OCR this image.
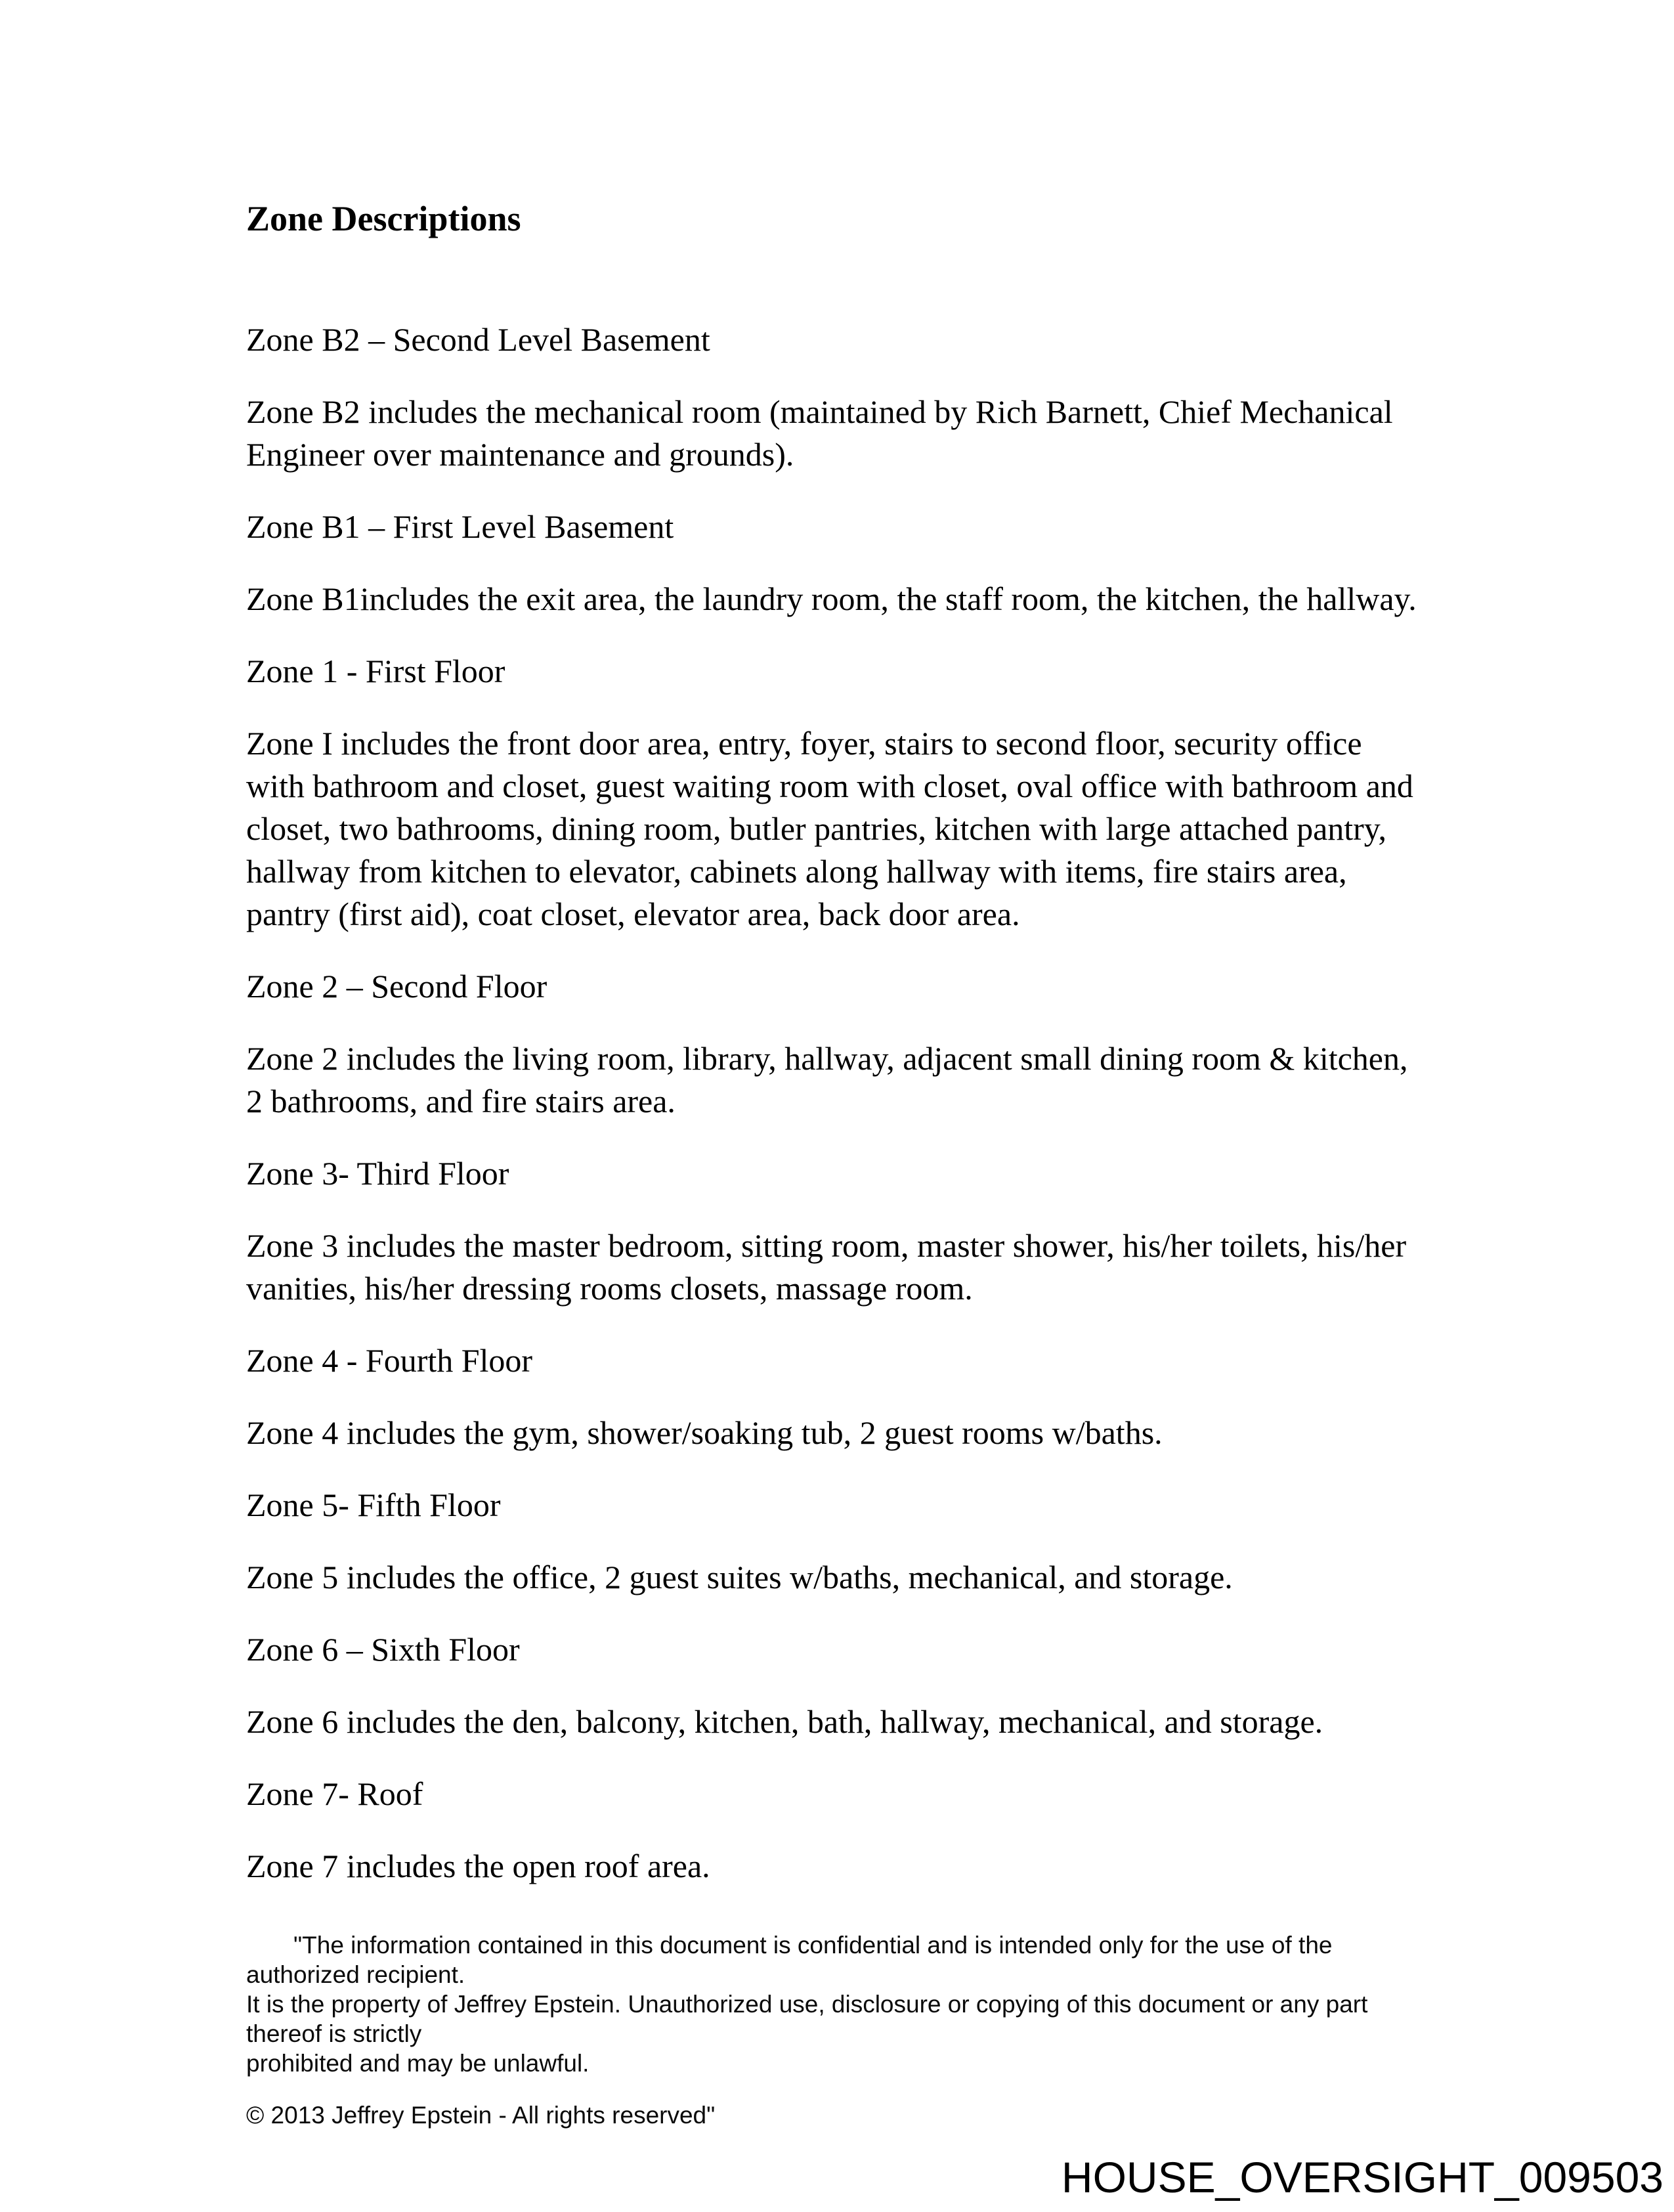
Zone Descriptions

Zone B2 – Second Level Basement

Zone B2 includes the mechanical room (maintained by Rich Barnett, Chief Mechanical Engineer over maintenance and grounds).

Zone B1 – First Level Basement

Zone B1includes the exit area, the laundry room, the staff room, the kitchen, the hallway.

Zone 1 - First Floor

Zone I includes the front door area, entry, foyer, stairs to second floor, security office with bathroom and closet, guest waiting room with closet, oval office with bathroom and closet, two bathrooms, dining room, butler pantries, kitchen with large attached pantry, hallway from kitchen to elevator, cabinets along hallway with items, fire stairs area, pantry (first aid), coat closet, elevator area, back door area.

Zone 2 – Second Floor

Zone 2 includes the living room, library, hallway, adjacent small dining room & kitchen, 2 bathrooms, and fire stairs area.

Zone 3- Third Floor

Zone 3 includes the master bedroom, sitting room, master shower, his/her toilets, his/her vanities, his/her dressing rooms closets, massage room.

Zone 4 - Fourth Floor

Zone 4 includes the gym, shower/soaking tub, 2 guest rooms w/baths.

Zone 5- Fifth Floor

Zone 5 includes the office, 2 guest suites w/baths, mechanical, and storage.

Zone 6 – Sixth Floor

Zone 6 includes the den, balcony, kitchen, bath, hallway, mechanical, and storage.

Zone 7- Roof

Zone 7 includes the open roof area.

"The information contained in this document is confidential and is intended only for the use of the authorized recipient.
It is the property of Jeffrey Epstein. Unauthorized use, disclosure or copying of this document or any part thereof is strictly
prohibited and may be unlawful.

© 2013 Jeffrey Epstein - All rights reserved"

HOUSE_OVERSIGHT_009503
